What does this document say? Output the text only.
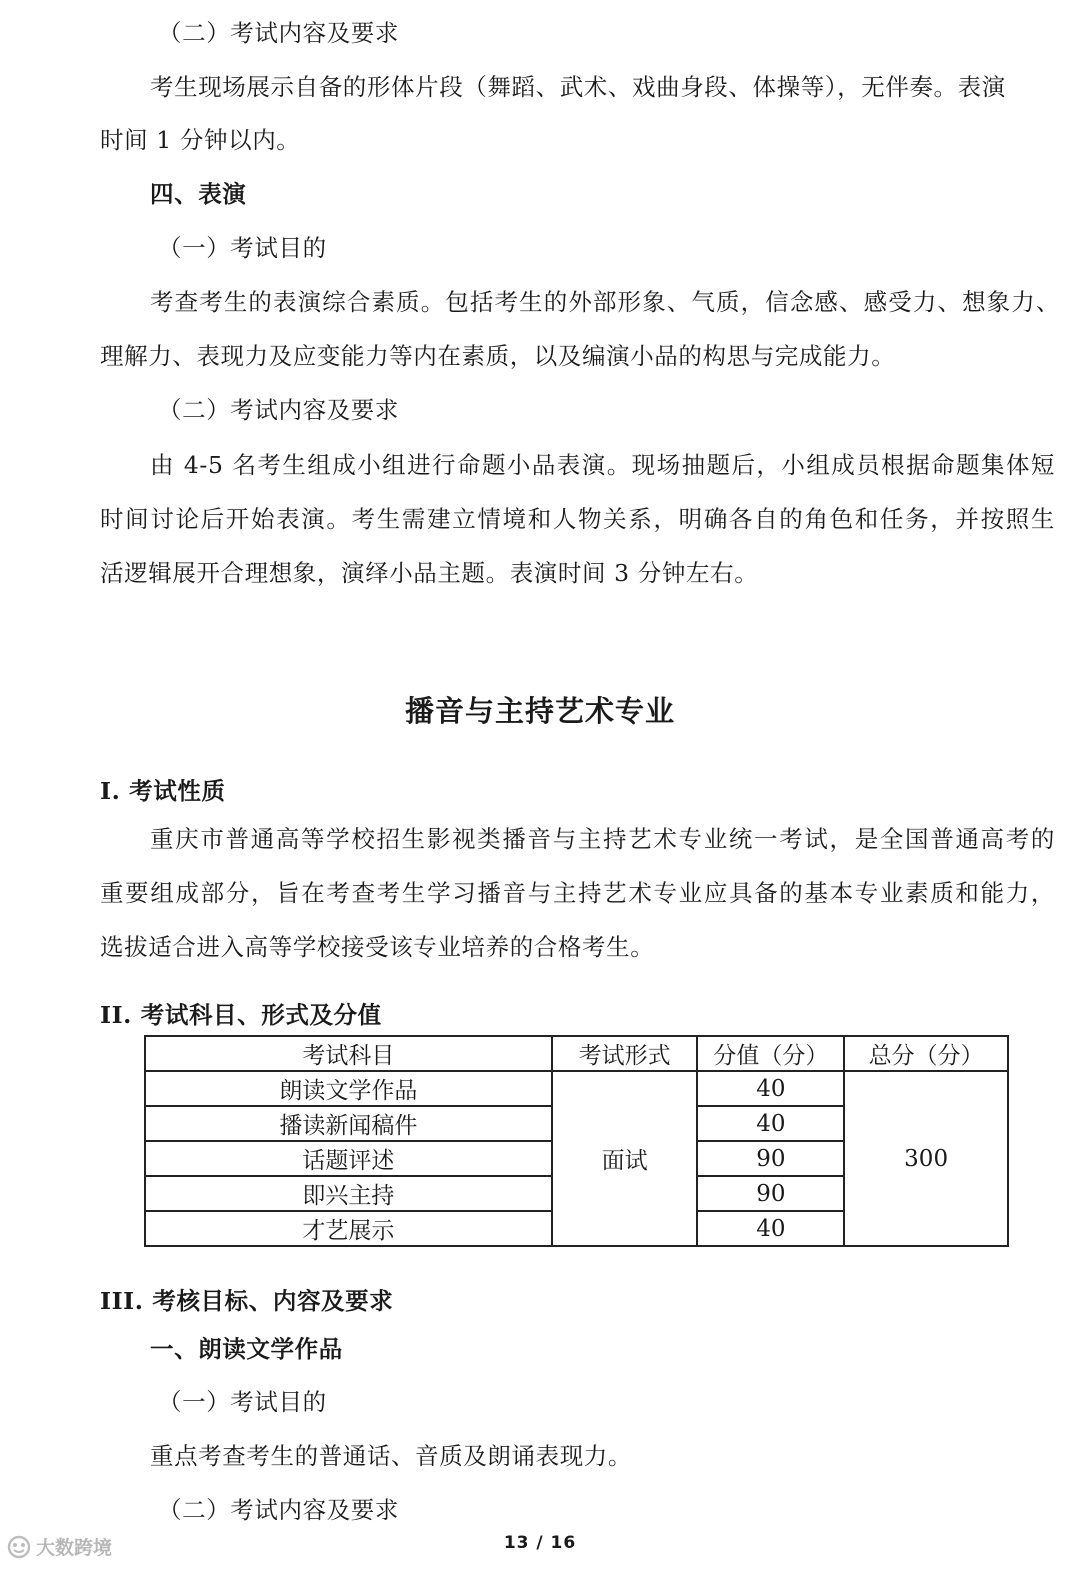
（二）考试内容及要求
考生现场展示自备的形体片段（舞蹈、武术、戏曲身段、体操等），无伴奏。表演
时间 1 分钟以内。
四、表演
（一）考试目的
考查考生的表演综合素质。包括考生的外部形象、气质，信念感、感受力、想象力、
理解力、表现力及应变能力等内在素质，以及编演小品的构思与完成能力。
（二）考试内容及要求
由 4-5 名考生组成小组进行命题小品表演。现场抽题后，小组成员根据命题集体短
时间讨论后开始表演。考生需建立情境和人物关系，明确各自的角色和任务，并按照生
活逻辑展开合理想象，演绎小品主题。表演时间 3 分钟左右。
播音与主持艺术专业
I. 考试性质
重庆市普通高等学校招生影视类播音与主持艺术专业统一考试，是全国普通高考的
重要组成部分，旨在考查考生学习播音与主持艺术专业应具备的基本专业素质和能力，
选拔适合进入高等学校接受该专业培养的合格考生。
II. 考试科目、形式及分值
考试科目	考试形式	分值（分）	总分（分）
朗读文学作品	面试	40	300
播读新闻稿件		40	
话题评述		90	
即兴主持		90	
才艺展示		40	
III. 考核目标、内容及要求
一、朗读文学作品
（一）考试目的
重点考查考生的普通话、音质及朗诵表现力。
（二）考试内容及要求
大数跨境	13 / 16
